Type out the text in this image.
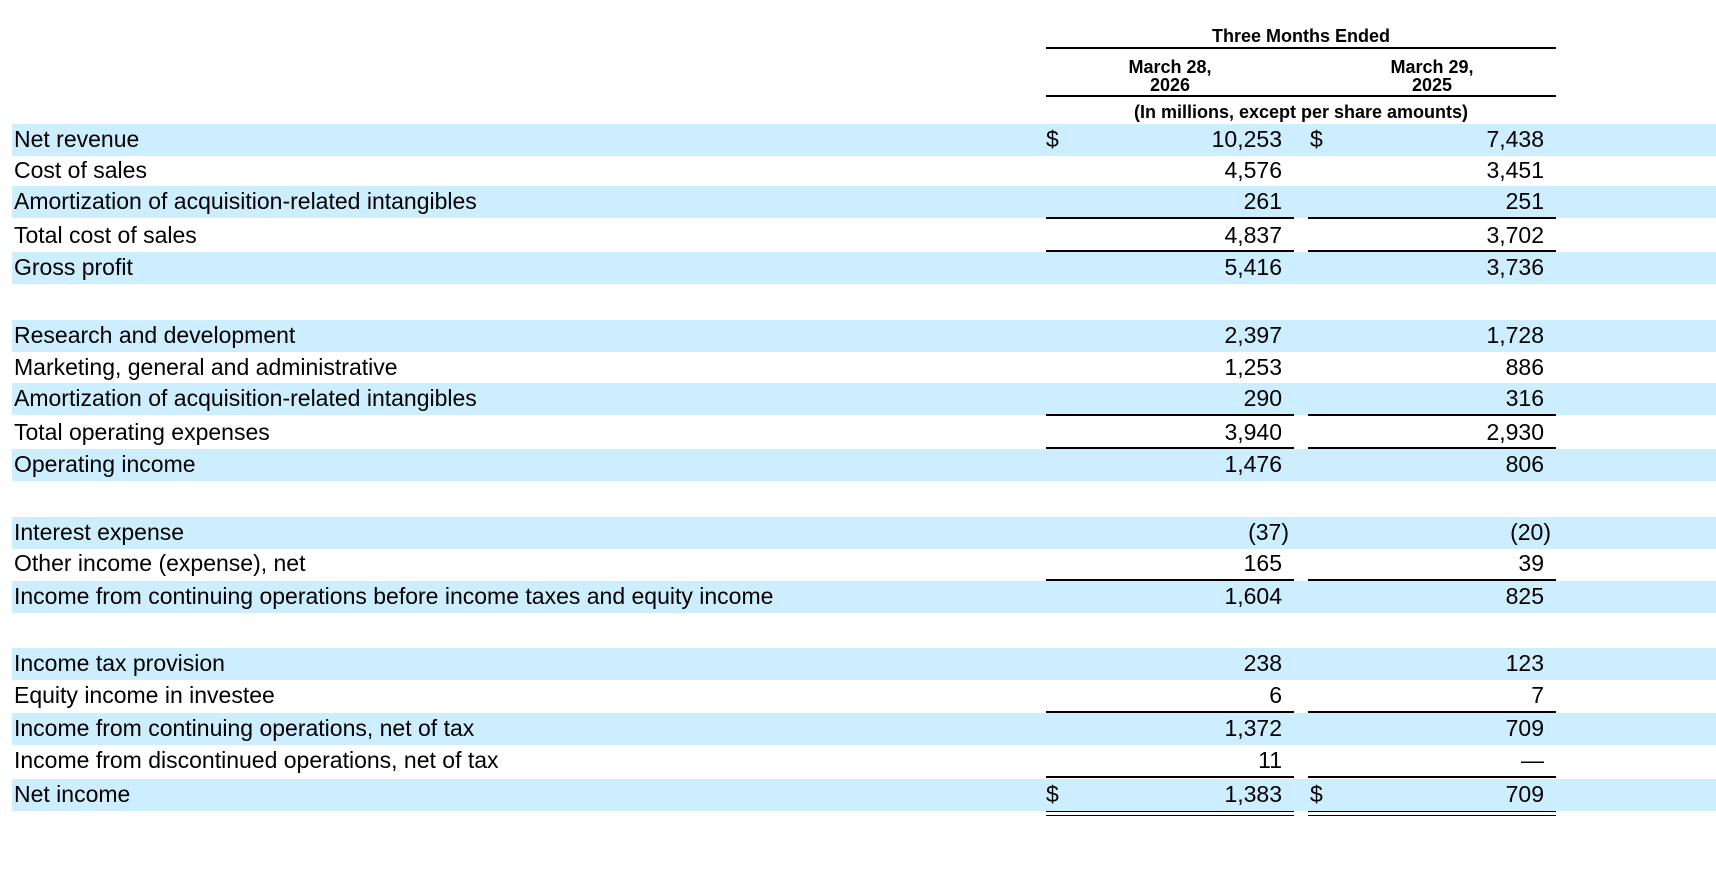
Three Months Ended
March 28,
2026
March 29,
2025
(In millions, except per share amounts)
Net revenue	$	10,253 $	7,438
Cost of sales	4,576	3,451
Amortization of acquisition-related intangibles	261	251
Total cost of sales	4,837	3,702
Gross profit	5,416	3,736
Research and development	2,397	1,728
Marketing, general and administrative	1,253	886
Amortization of acquisition-related intangibles	290	316
Total operating expenses	3,940	2,930
Operating income	1,476	806
Interest expense	(37)	(20)
Other income (expense), net	165	39
Income from continuing operations before income taxes and equity income	1,604	825
Income tax provision	238	123
Equity income in investee	6	7
Income from continuing operations, net of tax	1,372	709
Income from discontinued operations, net of tax	11	—
Net income	$	1,383 $	709
